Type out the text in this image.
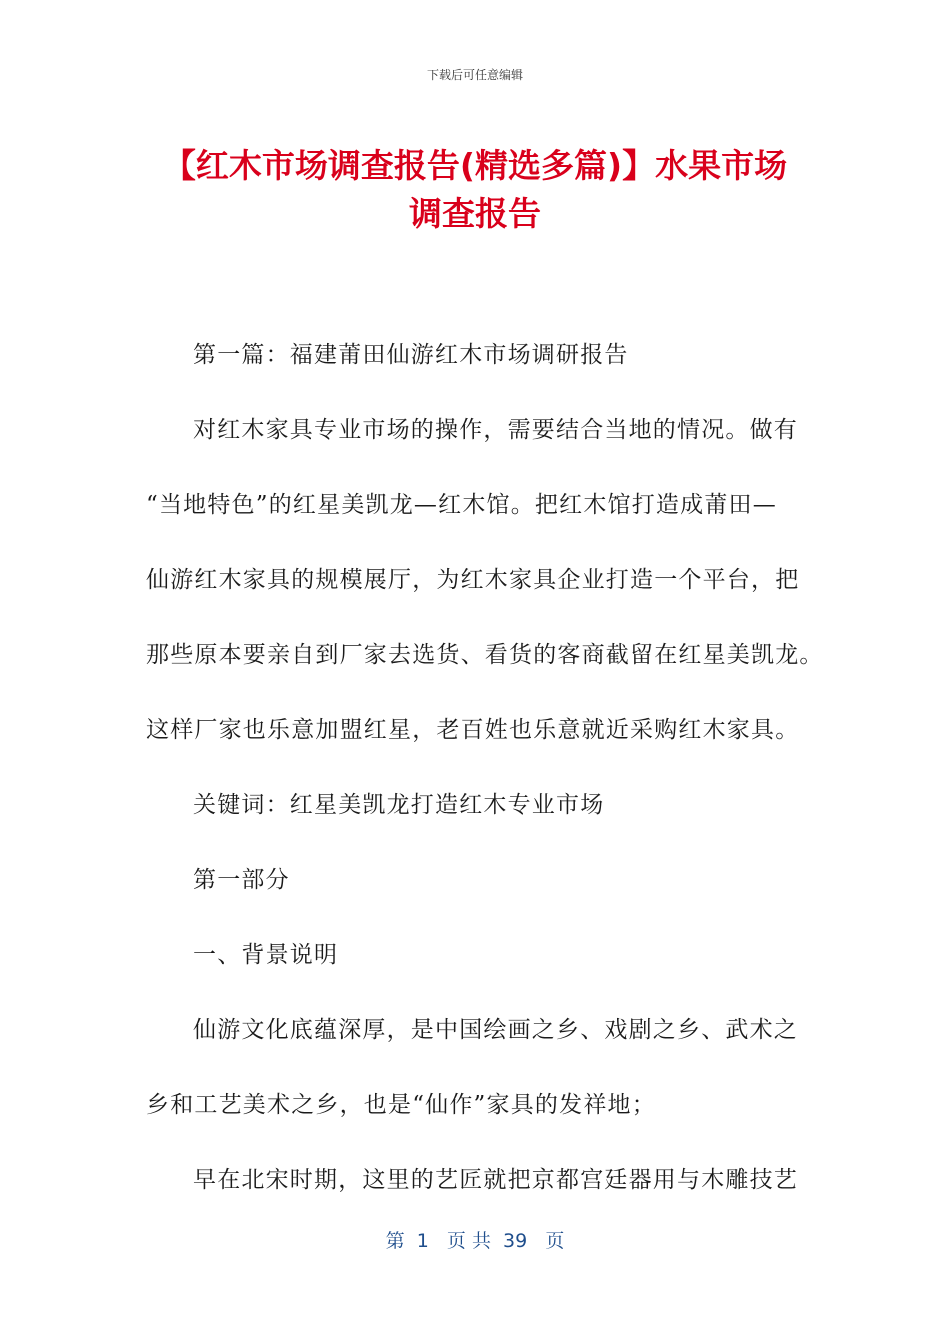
下载后可任意编辑
【红木市场调查报告(精选多篇)】水果市场
调查报告

第一篇：福建莆田仙游红木市场调研报告

对红木家具专业市场的操作，需要结合当地的情况。做有

“当地特色”的红星美凯龙—红木馆。把红木馆打造成莆田—

仙游红木家具的规模展厅，为红木家具企业打造一个平台，把

那些原本要亲自到厂家去选货、看货的客商截留在红星美凯龙。

这样厂家也乐意加盟红星，老百姓也乐意就近采购红木家具。

关键词：红星美凯龙打造红木专业市场

第一部分

一、背景说明

仙游文化底蕴深厚，是中国绘画之乡、戏剧之乡、武术之

乡和工艺美术之乡，也是“仙作”家具的发祥地；

早在北宋时期，这里的艺匠就把京都宫廷器用与木雕技艺

第  1   页 共  39   页
